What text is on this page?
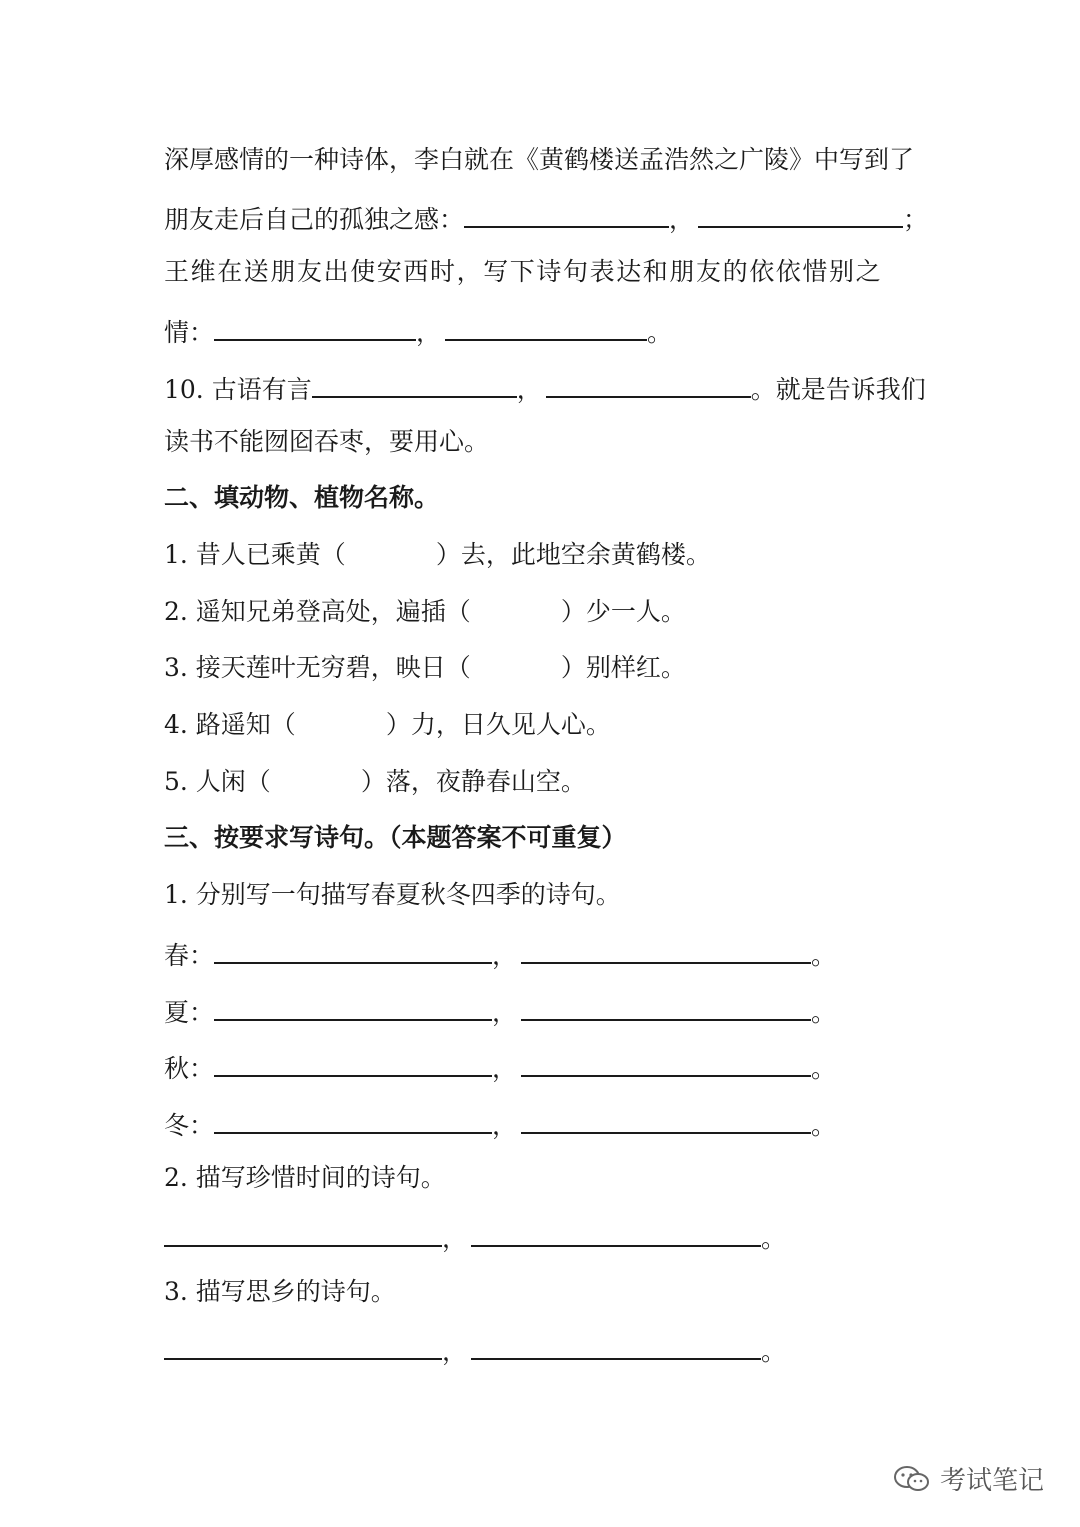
深厚感情的一种诗体，李白就在《黄鹤楼送孟浩然之广陵》中写到了
朋友走后自己的孤独之感：	，	；
王维在送朋友出使安西时，写下诗句表达和朋友的依依惜别之
情：	，	。
10. 古语有言	，	。就是告诉我们
读书不能囫囵吞枣，要用心。
二、填动物、植物名称。
1. 昔人已乘黄（	）去，此地空余黄鹤楼。
2. 遥知兄弟登高处，遍插（	）少一人。
3. 接天莲叶无穷碧，映日（	）别样红。
4. 路遥知（	）力，日久见人心。
5. 人闲（	）落，夜静春山空。
三、按要求写诗句。（本题答案不可重复）
1. 分别写一句描写春夏秋冬四季的诗句。
春：	，	。
夏：	，	。
秋：	，	。
冬：	，	。
2. 描写珍惜时间的诗句。
，	。
3. 描写思乡的诗句。
，	。
考试笔记
